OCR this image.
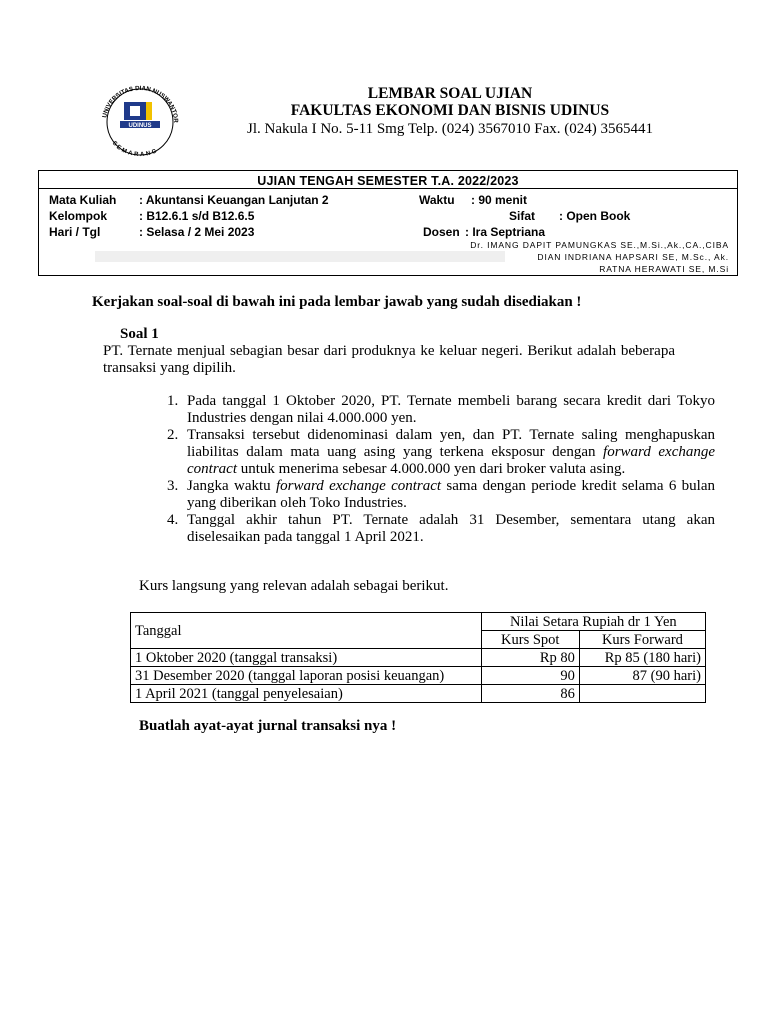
UNIVERSITAS DIAN NUSWANTOR
SEMARANG
UDINUS
LEMBAR SOAL UJIAN
FAKULTAS EKONOMI DAN BISNIS UDINUS
Jl. Nakula I No. 5-11 Smg Telp. (024) 3567010 Fax. (024) 3565441
UJIAN TENGAH SEMESTER T.A. 2022/2023
Mata Kuliah : Akuntansi Keuangan Lanjutan 2	Waktu : 90 menit
Kelompok	: B12.6.1 s/d B12.6.5	Sifat : Open Book
Hari / Tgl	: Selasa / 2 Mei 2023	Dosen : Ira Septriana
Dr. IMANG DAPIT PAMUNGKAS SE.,M.Si.,Ak.,CA.,CIBA
DIAN INDRIANA HAPSARI SE, M.Sc., Ak.
RATNA HERAWATI SE, M.Si
Kerjakan soal-soal di bawah ini pada lembar jawab yang sudah disediakan !
Soal 1
PT. Ternate menjual sebagian besar dari produknya ke keluar negeri. Berikut adalah beberapa transaksi yang dipilih.
1. Pada tanggal 1 Oktober 2020, PT. Ternate membeli barang secara kredit dari Tokyo Industries dengan nilai 4.000.000 yen.
2. Transaksi tersebut didenominasi dalam yen, dan PT. Ternate saling menghapuskan liabilitas dalam mata uang asing yang terkena eksposur dengan forward exchange contract untuk menerima sebesar 4.000.000 yen dari broker valuta asing.
3. Jangka waktu forward exchange contract sama dengan periode kredit selama 6 bulan yang diberikan oleh Toko Industries.
4. Tanggal akhir tahun PT. Ternate adalah 31 Desember, sementara utang akan diselesaikan pada tanggal 1 April 2021.
Kurs langsung yang relevan adalah sebagai berikut.
Tanggal	Nilai Setara Rupiah dr 1 Yen	
	Kurs Spot	Kurs Forward
1 Oktober 2020 (tanggal transaksi)	Rp 80	Rp 85 (180 hari)
31 Desember 2020 (tanggal laporan posisi keuangan)	90	87 (90 hari)
1 April 2021 (tanggal penyelesaian)	86	
Buatlah ayat-ayat jurnal transaksi nya !
